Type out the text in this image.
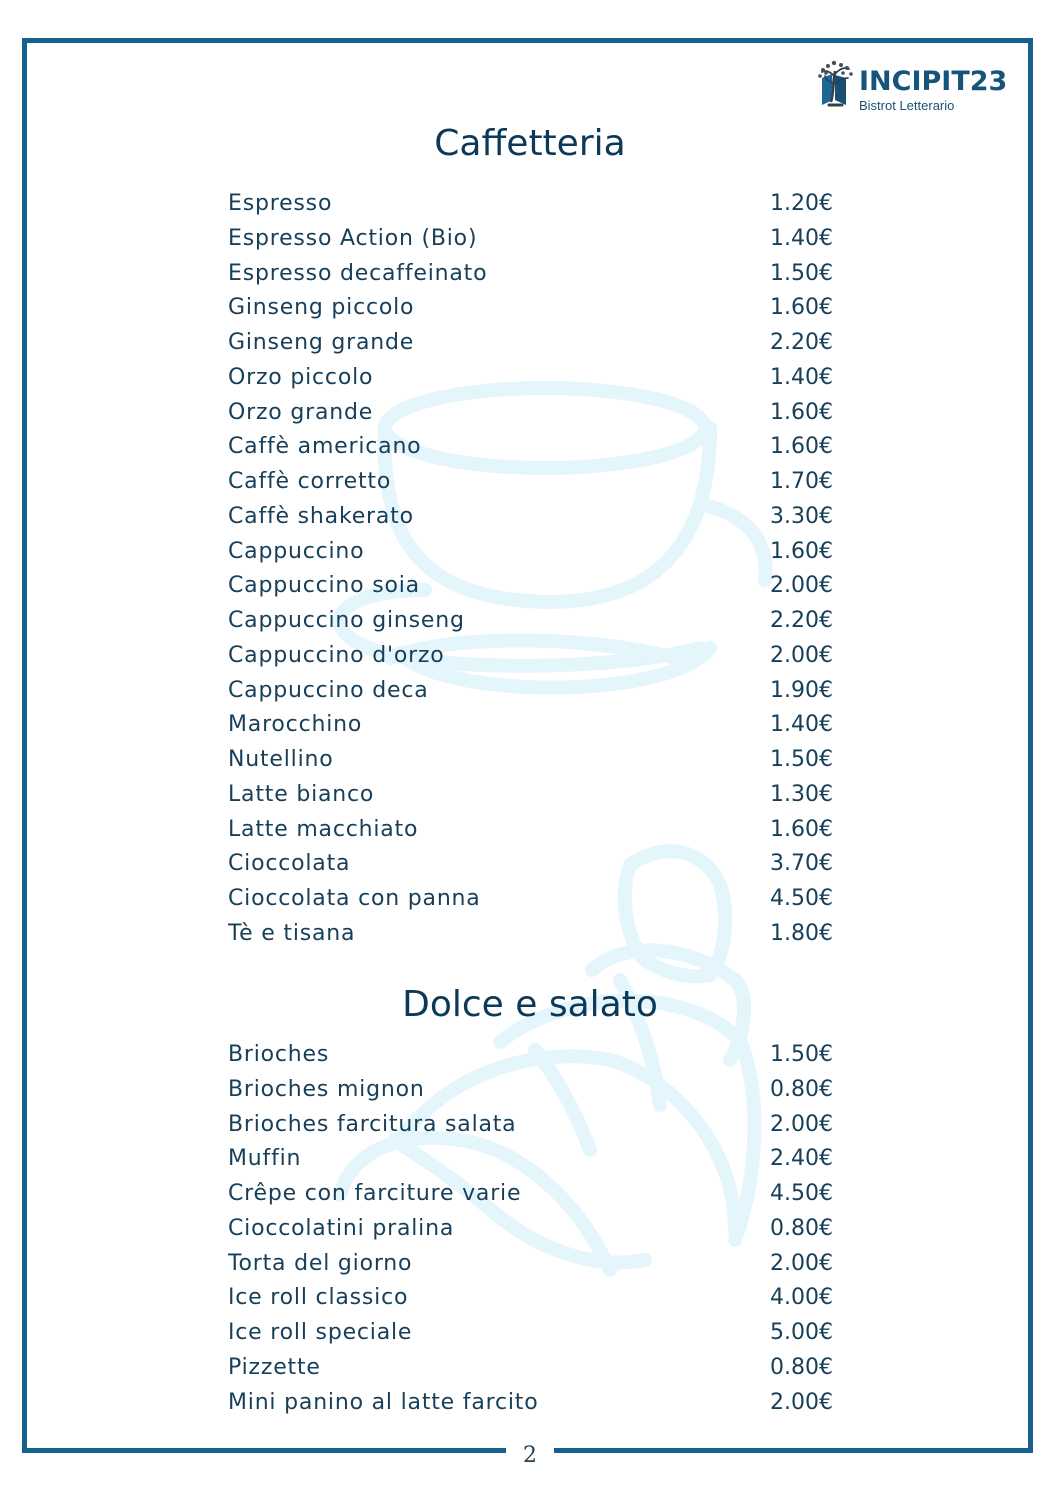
2
INCIPIT23
Bistrot Letterario
Caffetteria
Espresso	1.20€
Espresso Action (Bio)	1.40€
Espresso decaffeinato	1.50€
Ginseng piccolo	1.60€
Ginseng grande	2.20€
Orzo piccolo	1.40€
Orzo grande	1.60€
Caffè americano	1.60€
Caffè corretto	1.70€
Caffè shakerato	3.30€
Cappuccino	1.60€
Cappuccino soia	2.00€
Cappuccino ginseng	2.20€
Cappuccino d'orzo	2.00€
Cappuccino deca	1.90€
Marocchino	1.40€
Nutellino	1.50€
Latte bianco	1.30€
Latte macchiato	1.60€
Cioccolata	3.70€
Cioccolata con panna	4.50€
Tè e tisana	1.80€
Dolce e salato
Brioches	1.50€
Brioches mignon	0.80€
Brioches farcitura salata	2.00€
Muffin	2.40€
Crêpe con farciture varie	4.50€
Cioccolatini pralina	0.80€
Torta del giorno	2.00€
Ice roll classico	4.00€
Ice roll speciale	5.00€
Pizzette	0.80€
Mini panino al latte farcito	2.00€
